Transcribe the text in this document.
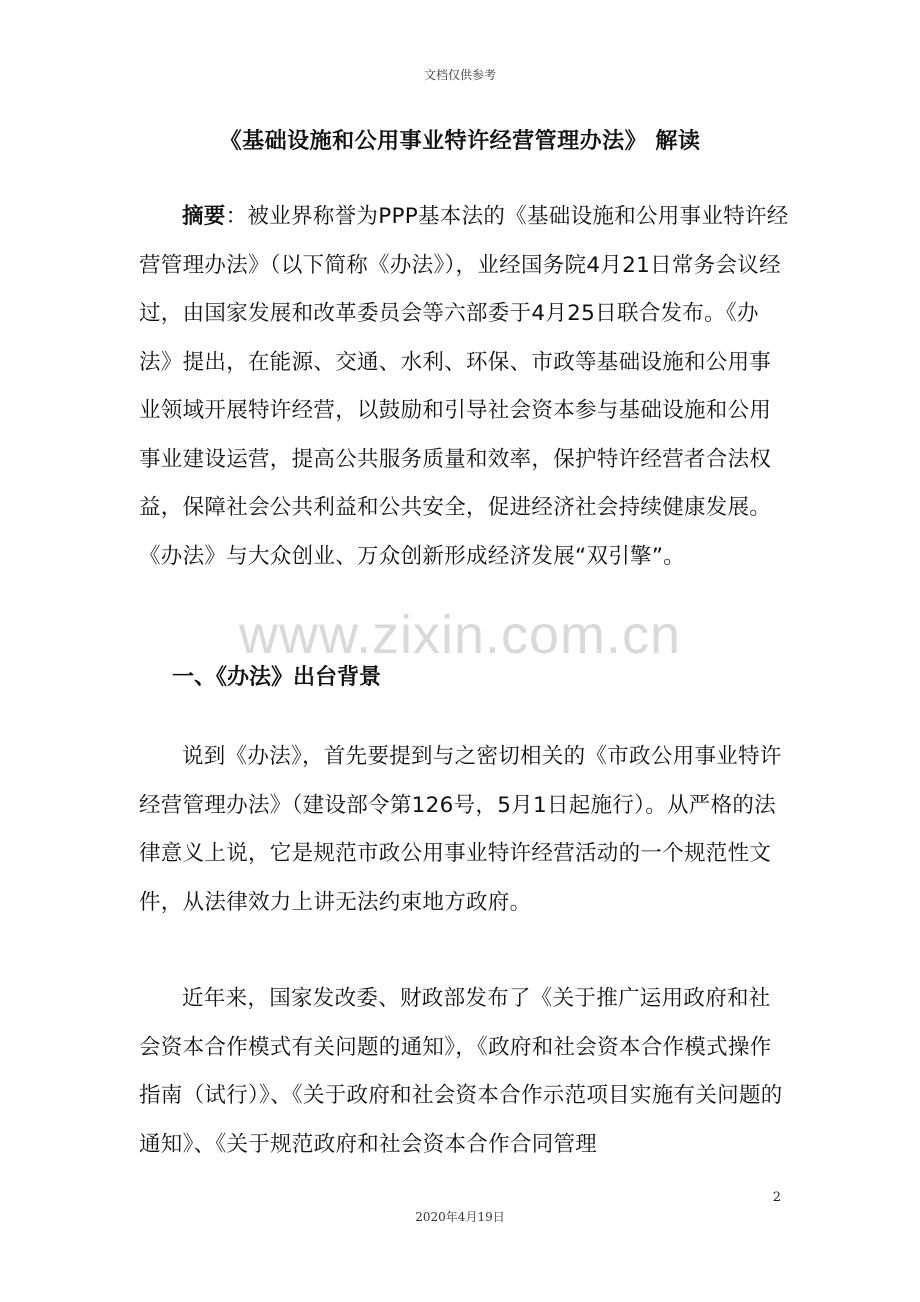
文档仅供参考
《基础设施和公用事业特许经营管理办法》 解读

摘要：被业界称誉为PPP基本法的《基础设施和公用事业特许经营管理办法》（以下简称《办法》），业经国务院4月21日常务会议经过，由国家发展和改革委员会等六部委于4月25日联合发布。《办法》提出，在能源、交通、水利、环保、市政等基础设施和公用事业领域开展特许经营，以鼓励和引导社会资本参与基础设施和公用事业建设运营，提高公共服务质量和效率，保护特许经营者合法权益，保障社会公共利益和公共安全，促进经济社会持续健康发展。《办法》与大众创业、万众创新形成经济发展“双引擎”。

www.zixin.com.cn
一、《办法》出台背景

说到《办法》，首先要提到与之密切相关的《市政公用事业特许经营管理办法》（建设部令第126号，5月1日起施行）。从严格的法律意义上说，它是规范市政公用事业特许经营活动的一个规范性文件，从法律效力上讲无法约束地方政府。

近年来，国家发改委、财政部发布了《关于推广运用政府和社会资本合作模式有关问题的通知》，《政府和社会资本合作模式操作指南（试行）》、《关于政府和社会资本合作示范项目实施有关问题的通知》、《关于规范政府和社会资本合作合同管理

2
2020年4月19日
